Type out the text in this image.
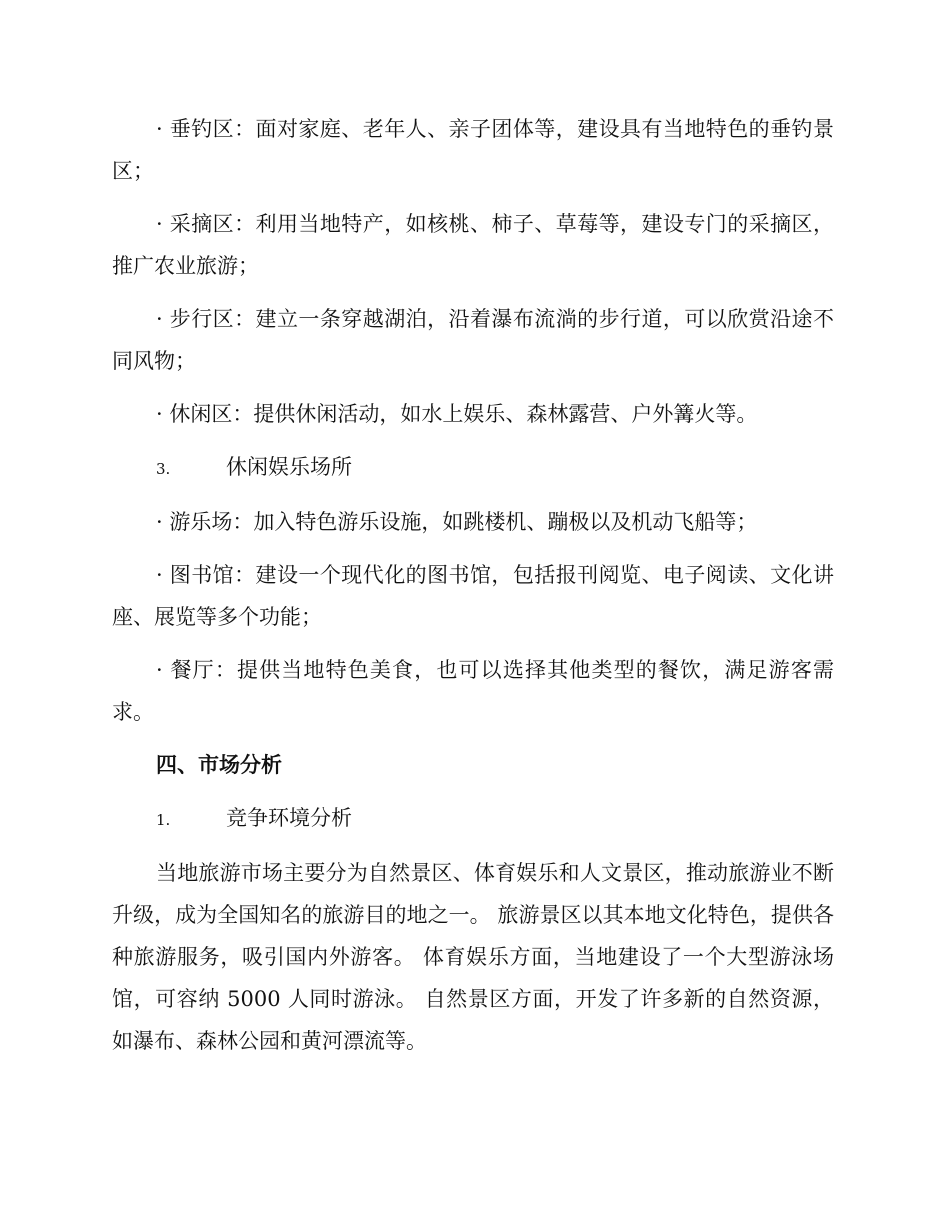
· 垂钓区：面对家庭、老年人、亲子团体等，建设具有当地特色的垂钓景区；
· 采摘区：利用当地特产，如核桃、柿子、草莓等，建设专门的采摘区，推广农业旅游；
· 步行区：建立一条穿越湖泊，沿着瀑布流淌的步行道，可以欣赏沿途不同风物；
· 休闲区：提供休闲活动，如水上娱乐、森林露营、户外篝火等。
3.	休闲娱乐场所
· 游乐场：加入特色游乐设施，如跳楼机、蹦极以及机动飞船等；
· 图书馆：建设一个现代化的图书馆，包括报刊阅览、电子阅读、文化讲座、展览等多个功能；
· 餐厅：提供当地特色美食，也可以选择其他类型的餐饮，满足游客需求。
四、市场分析
1.	竞争环境分析
当地旅游市场主要分为自然景区、体育娱乐和人文景区，推动旅游业不断升级，成为全国知名的旅游目的地之一。 旅游景区以其本地文化特色，提供各种旅游服务，吸引国内外游客。 体育娱乐方面，当地建设了一个大型游泳场馆，可容纳 5000 人同时游泳。 自然景区方面，开发了许多新的自然资源，如瀑布、森林公园和黄河漂流等。
